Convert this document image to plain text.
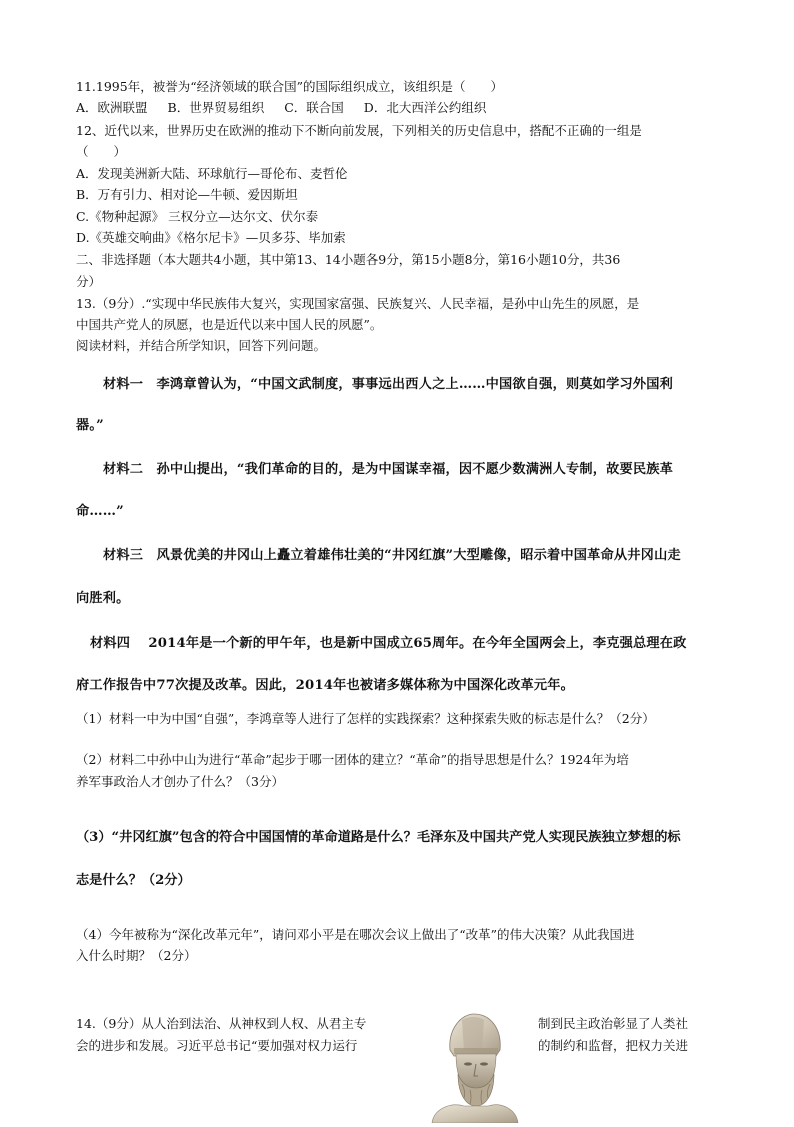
11.1995年，被誉为“经济领域的联合国”的国际组织成立，该组织是（　　）
A．欧洲联盟 B．世界贸易组织 C．联合国 D．北大西洋公约组织
12、近代以来，世界历史在欧洲的推动下不断向前发展，下列相关的历史信息中，搭配不正确的一组是
（　　）
A．发现美洲新大陆、环球航行—哥伦布、麦哲伦
B．万有引力、相对论—牛顿、爱因斯坦
C.《物种起源》 三权分立—达尔文、伏尔泰
D.《英雄交响曲》《格尔尼卡》—贝多芬、毕加索
二、非选择题（本大题共4小题，其中第13、14小题各9分，第15小题8分，第16小题10分，共36
分）
13.（9分）.“实现中华民族伟大复兴，实现国家富强、民族复兴、人民幸福，是孙中山先生的夙愿，是
中国共产党人的夙愿，也是近代以来中国人民的夙愿”。
阅读材料，并结合所学知识，回答下列问题。
材料一　李鸿章曾认为，“中国文武制度，事事远出西人之上……中国欲自强，则莫如学习外国利
器。”
材料二　孙中山提出，“我们革命的目的，是为中国谋幸福，因不愿少数满洲人专制，故要民族革
命……”
材料三　风景优美的井冈山上矗立着雄伟壮美的“井冈红旗”大型雕像，昭示着中国革命从井冈山走
向胜利。
材料四　 2014年是一个新的甲午年，也是新中国成立65周年。在今年全国两会上，李克强总理在政
府工作报告中77次提及改革。因此，2014年也被诸多媒体称为中国深化改革元年。
（1）材料一中为中国“自强”，李鸿章等人进行了怎样的实践探索？这种探索失败的标志是什么？（2分）
（2）材料二中孙中山为进行“革命”起步于哪一团体的建立？“革命”的指导思想是什么？1924年为培
养军事政治人才创办了什么？（3分）
（3）“井冈红旗”包含的符合中国国情的革命道路是什么？毛泽东及中国共产党人实现民族独立梦想的标
志是什么？（2分）
（4）今年被称为“深化改革元年”，请问邓小平是在哪次会议上做出了“改革”的伟大决策？从此我国进
入什么时期？（2分）
14.（9分）从人治到法治、从神权到人权、从君主专	制到民主政治彰显了人类社
会的进步和发展。习近平总书记“要加强对权力运行	的制约和监督，把权力关进
